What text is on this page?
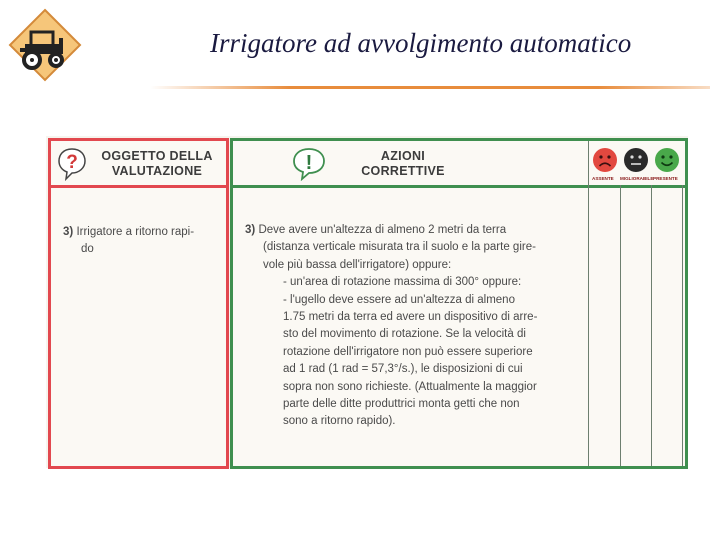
Irrigatore ad avvolgimento automatico
?	OGGETTO DELLA
VALUTAZIONE
3) Irrigatore a ritorno rapi-
do
!	AZIONI
CORRETTIVE
ASSENTE MIGLIORABILE PRESENTE
3) Deve avere un'altezza di almeno 2 metri da terra
(distanza verticale misurata tra il suolo e la parte gire-
vole più bassa dell'irrigatore) oppure:
- un'area di rotazione massima di 300° oppure:
- l'ugello deve essere ad un'altezza di almeno
1.75 metri da terra ed avere un dispositivo di arre-
sto del movimento di rotazione. Se la velocità di
rotazione dell'irrigatore non può essere superiore
ad 1 rad (1 rad = 57,3°/s.), le disposizioni di cui
sopra non sono richieste. (Attualmente la maggior
parte delle ditte produttrici monta getti che non
sono a ritorno rapido).
